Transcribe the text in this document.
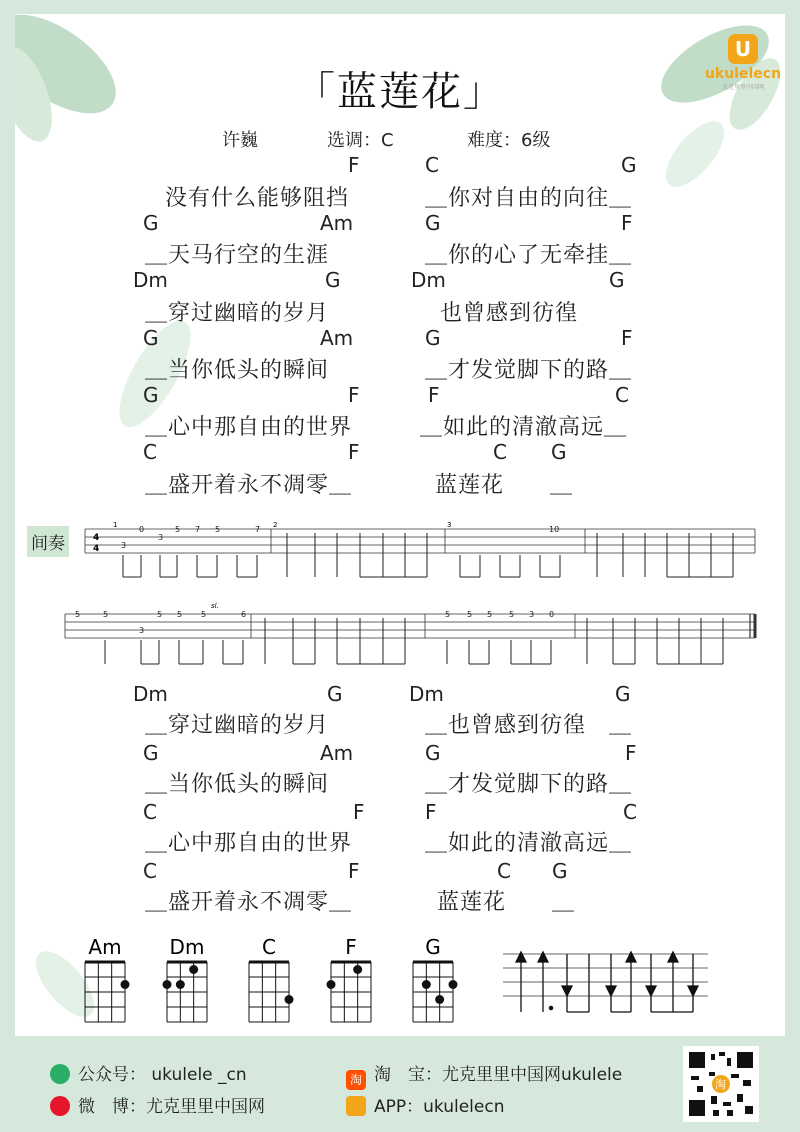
「蓝莲花」
U
ukulelecn
尤克里里中国网
许巍	选调：C	难度：6级
F	C	G
没有什么能够阻挡	＿你对自由的向往＿
G	Am	G	F
＿天马行空的生涯	＿你的心了无牵挂＿
Dm	G	Dm	G
＿穿过幽暗的岁月	也曾感到彷徨
G	Am	G	F
＿当你低头的瞬间	＿才发觉脚下的路＿
G	F	F	C
＿心中那自由的世界	＿如此的清澈高远＿
C	F	C G
＿盛开着永不凋零＿	蓝莲花　　＿
间奏	4
4
1	2	3
3
0
3
5 7 5	7	10
sl.
5	5
3
5 5 5	6	5 5 5 5 3 0
Dm	G	Dm	G
＿穿过幽暗的岁月	＿也曾感到彷徨　＿
G	Am	G	F
＿当你低头的瞬间	＿才发觉脚下的路＿
C	F	F	C
＿心中那自由的世界	＿如此的清澈高远＿
C	F	C G
＿盛开着永不凋零＿	蓝莲花　　＿
Am Dm	C	F	G
公众号： ukulele _cn
微　博：尤克里里中国网
淘 淘　宝：尤克里里中国网ukulele
APP：ukulelecn
淘
